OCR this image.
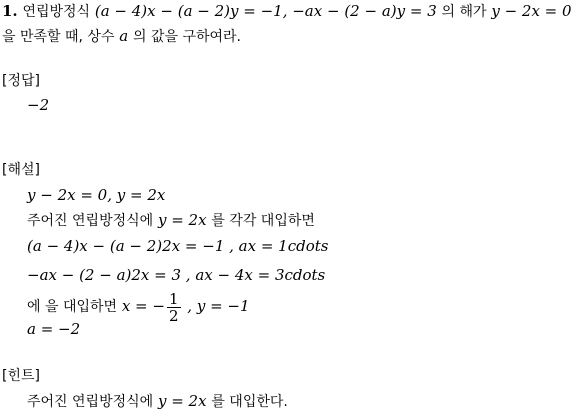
1. 연립방정식 (a − 4)x − (a − 2)y = −1, −ax − (2 − a)y = 3 의 해가 y − 2x = 0
을 만족할 때, 상수 a 의 값을 구하여라.
[정답]
−2
[해설]
y − 2x = 0, y = 2x
주어진 연립방정식에 y = 2x 를 각각 대입하면
(a − 4)x − (a − 2)2x = −1 , ax = 1cdots
−ax − (2 − a)2x = 3 , ax − 4x = 3cdots
에 을 대입하면 x = − $\frac{1}{2}$ , y = −1
a = −2
[힌트]
주어진 연립방정식에 y = 2x 를 대입한다.
